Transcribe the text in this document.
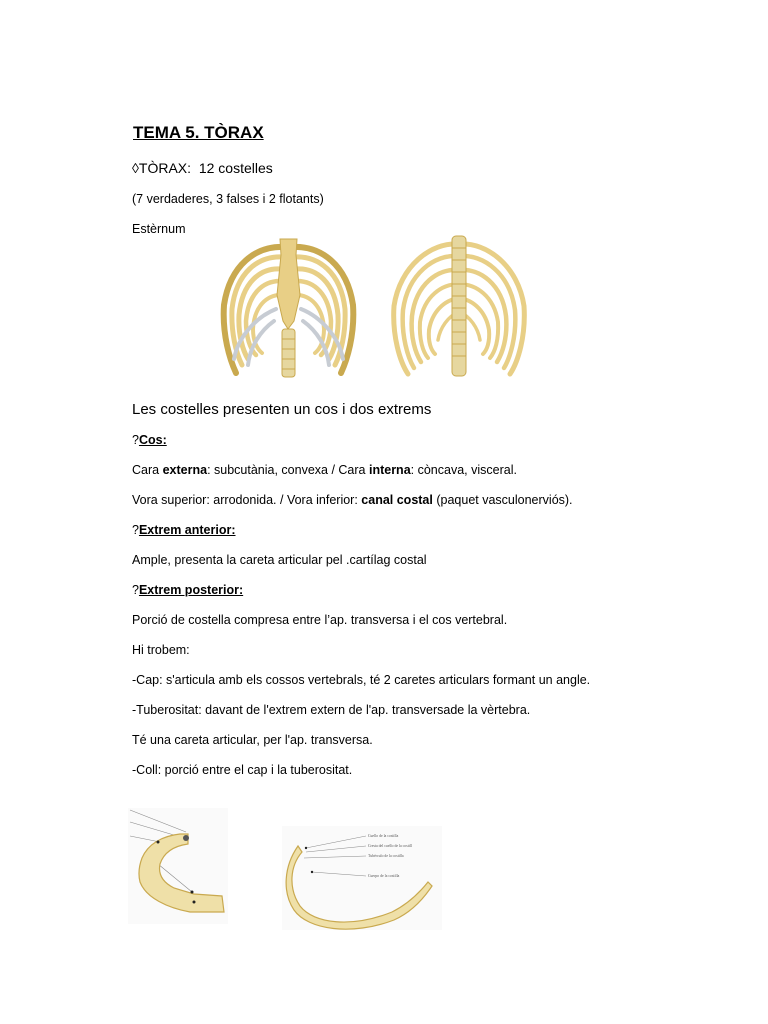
TEMA 5. TÒRAX
◊TÒRAX: 12 costelles
(7 verdaderes, 3 falses i 2 flotants)
Estèrnum
Les costelles presenten un cos i dos extrems
?Cos:
Cara externa: subcutània, convexa / Cara interna: còncava, visceral.
Vora superior: arrodonida. / Vora inferior: canal costal (paquet vasculonerviós).
?Extrem anterior:
Ample, presenta la careta articular pel .cartílag costal
?Extrem posterior:
Porció de costella compresa entre l’ap. transversa i el cos vertebral.
Hi trobem:
-Cap: s'articula amb els cossos vertebrals, té 2 caretes articulars formant un angle.
-Tuberositat: davant de l'extrem extern de l'ap. transversade la vèrtebra.
Té una careta articular, per l'ap. transversa.
-Coll: porció entre el cap i la tuberositat.
Cuello de la costilla
Cresta del cuello de la costill
Tubérculo de la costilla
Cuerpo de la costilla
